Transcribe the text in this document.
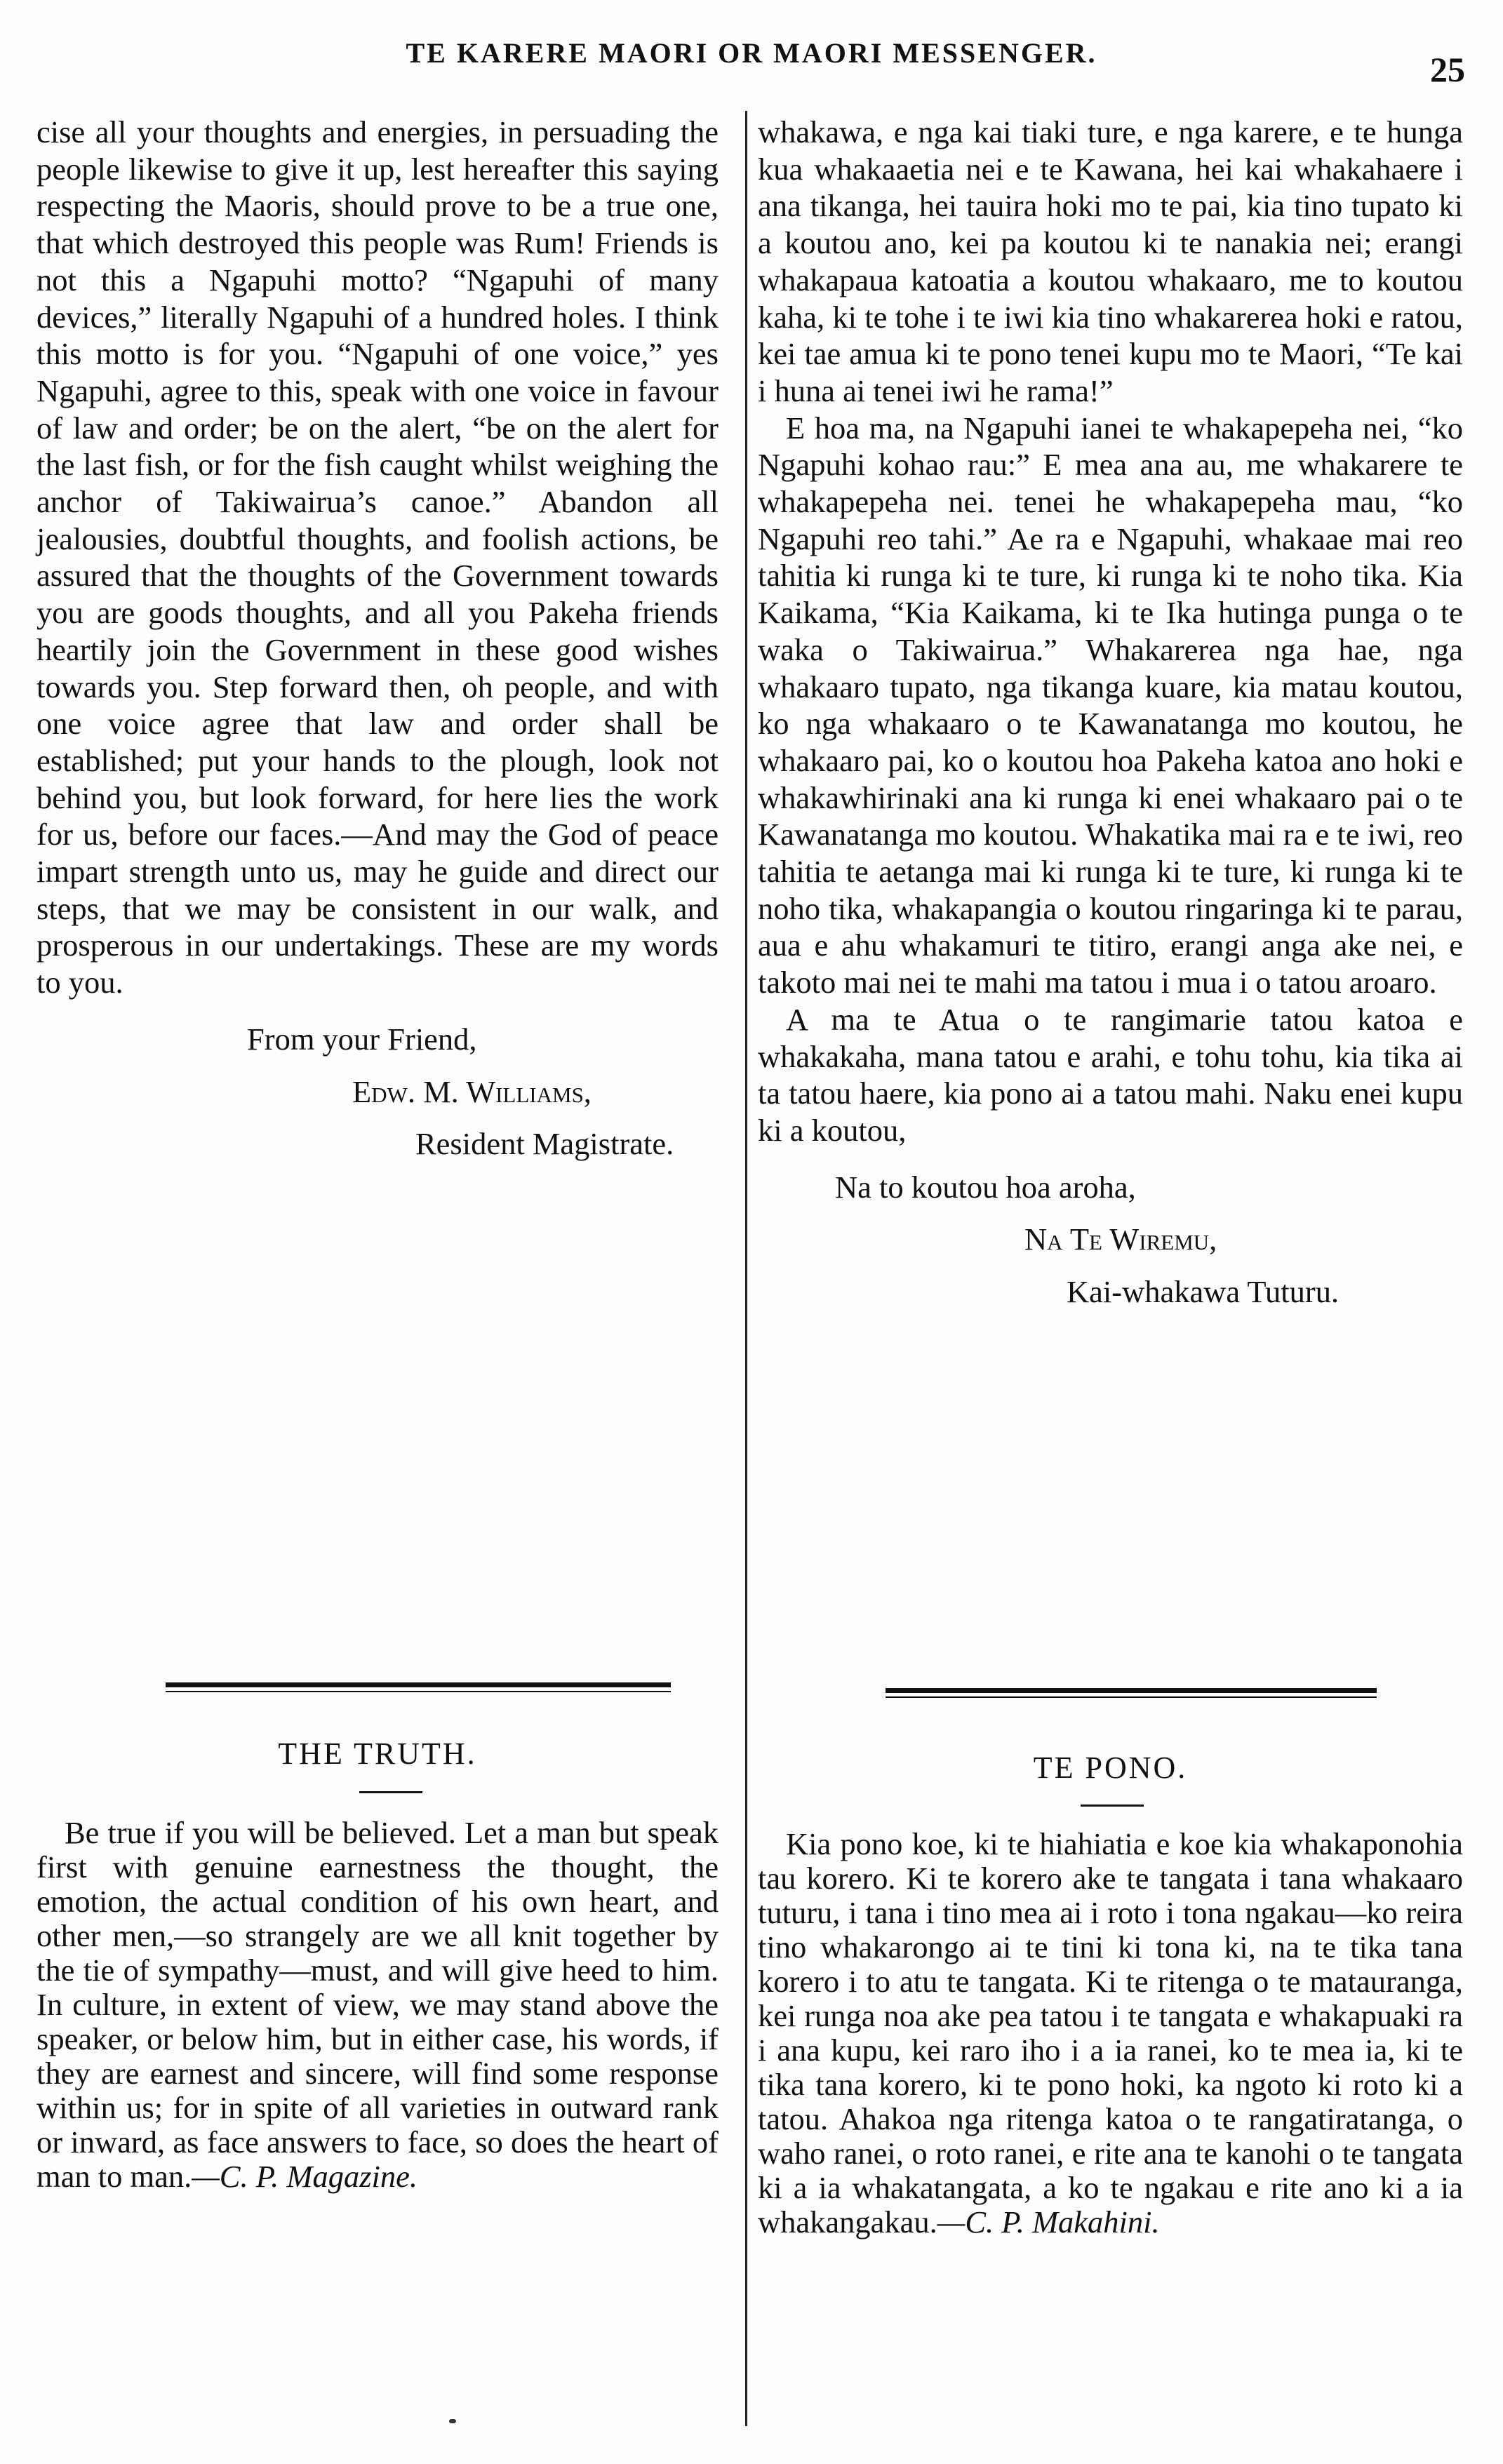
TE KARERE MAORI OR MAORI MESSENGER.	25

cise all your thoughts and energies, in persuading the people likewise to give it up, lest hereafter this saying respecting the Maoris, should prove to be a true one, that which destroyed this people was Rum! Friends is not this a Ngapuhi motto? “Ngapuhi of many devices,” literally Ngapuhi of a hundred holes. I think this motto is for you. “Ngapuhi of one voice,” yes Ngapuhi, agree to this, speak with one voice in favour of law and order; be on the alert, “be on the alert for the last fish, or for the fish caught whilst weighing the anchor of Takiwairua’s canoe.” Abandon all jealousies, doubtful thoughts, and foolish actions, be assured that the thoughts of the Government towards you are goods thoughts, and all you Pakeha friends heartily join the Government in these good wishes towards you. Step forward then, oh people, and with one voice agree that law and order shall be established; put your hands to the plough, look not behind you, but look forward, for here lies the work for us, before our faces.—And may the God of peace impart strength unto us, may he guide and direct our steps, that we may be consistent in our walk, and prosperous in our undertakings. These are my words to you.

From your Friend,

Edw. M. Williams,

Resident Magistrate.

whakawa, e nga kai tiaki ture, e nga karere, e te hunga kua whakaaetia nei e te Kawana, hei kai whakahaere i ana tikanga, hei tauira hoki mo te pai, kia tino tupato ki a koutou ano, kei pa koutou ki te nanakia nei; erangi whakapaua katoatia a koutou whakaaro, me to koutou kaha, ki te tohe i te iwi kia tino whakarerea hoki e ratou, kei tae amua ki te pono tenei kupu mo te Maori, “Te kai i huna ai tenei iwi he rama!”

E hoa ma, na Ngapuhi ianei te whakapepeha nei, “ko Ngapuhi kohao rau:” E mea ana au, me whakarere te whakapepeha nei. tenei he whakapepeha mau, “ko Ngapuhi reo tahi.” Ae ra e Ngapuhi, whakaae mai reo tahitia ki runga ki te ture, ki runga ki te noho tika. Kia Kaikama, “Kia Kaikama, ki te Ika hutinga punga o te waka o Takiwairua.” Whakarerea nga hae, nga whakaaro tupato, nga tikanga kuare, kia matau koutou, ko nga whakaaro o te Kawanatanga mo koutou, he whakaaro pai, ko o koutou hoa Pakeha katoa ano hoki e whakawhirinaki ana ki runga ki enei whakaaro pai o te Kawanatanga mo koutou. Whakatika mai ra e te iwi, reo tahitia te aetanga mai ki runga ki te ture, ki runga ki te noho tika, whakapangia o koutou ringaringa ki te parau, aua e ahu whakamuri te titiro, erangi anga ake nei, e takoto mai nei te mahi ma tatou i mua i o tatou aroaro.

A ma te Atua o te rangimarie tatou katoa e whakakaha, mana tatou e arahi, e tohu tohu, kia tika ai ta tatou haere, kia pono ai a tatou mahi. Naku enei kupu ki a koutou,

Na to koutou hoa aroha,

Na Te Wiremu,

Kai-whakawa Tuturu.

THE TRUTH.	TE PONO.

Be true if you will be believed. Let a man but speak first with genuine earnestness the thought, the emotion, the actual condition of his own heart, and other men,—so strangely are we all knit together by the tie of sympathy—must, and will give heed to him. In culture, in extent of view, we may stand above the speaker, or below him, but in either case, his words, if they are earnest and sincere, will find some response within us; for in spite of all varieties in outward rank or inward, as face answers to face, so does the heart of man to man.—C. P. Magazine.

Kia pono koe, ki te hiahiatia e koe kia whakaponohia tau korero. Ki te korero ake te tangata i tana whakaaro tuturu, i tana i tino mea ai i roto i tona ngakau—ko reira tino whakarongo ai te tini ki tona ki, na te tika tana korero i to atu te tangata. Ki te ritenga o te matauranga, kei runga noa ake pea tatou i te tangata e whakapuaki ra i ana kupu, kei raro iho i a ia ranei, ko te mea ia, ki te tika tana korero, ki te pono hoki, ka ngoto ki roto ki a tatou. Ahakoa nga ritenga katoa o te rangatiratanga, o waho ranei, o roto ranei, e rite ana te kanohi o te tangata ki a ia whakatangata, a ko te ngakau e rite ano ki a ia whakangakau.—C. P. Makahini.
